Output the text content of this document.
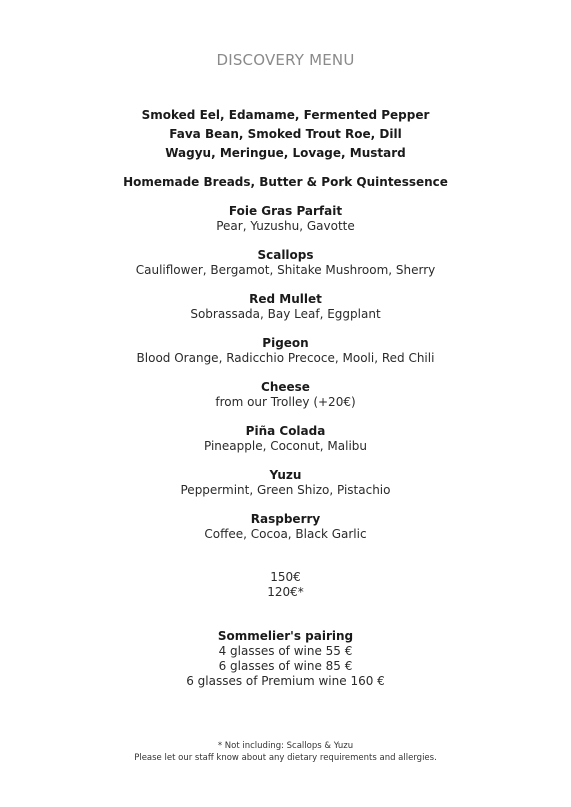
DISCOVERY MENU
Smoked Eel, Edamame, Fermented Pepper
Fava Bean, Smoked Trout Roe, Dill
Wagyu, Meringue, Lovage, Mustard
Homemade Breads, Butter & Pork Quintessence
Foie Gras Parfait
Pear, Yuzushu, Gavotte
Scallops
Cauliflower, Bergamot, Shitake Mushroom, Sherry
Red Mullet
Sobrassada, Bay Leaf, Eggplant
Pigeon
Blood Orange, Radicchio Precoce, Mooli, Red Chili
Cheese
from our Trolley (+20€)
Piña Colada
Pineapple, Coconut, Malibu
Yuzu
Peppermint, Green Shizo, Pistachio
Raspberry
Coffee, Cocoa, Black Garlic
150€
120€*
Sommelier's pairing
4 glasses of wine 55 €
6 glasses of wine 85 €
6 glasses of Premium wine 160 €
* Not including: Scallops & Yuzu
Please let our staff know about any dietary requirements and allergies.
